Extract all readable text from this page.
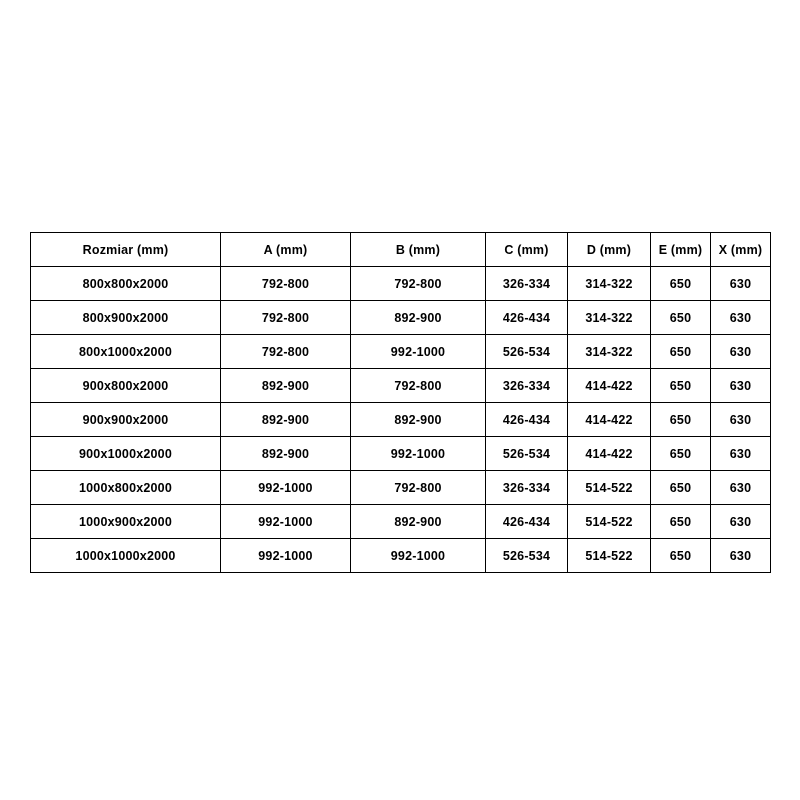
Rozmiar (mm)	A (mm)	B (mm)	C (mm)	D (mm)	E (mm)	X (mm)
800x800x2000	792-800	792-800	326-334	314-322	650	630
800x900x2000	792-800	892-900	426-434	314-322	650	630
800x1000x2000	792-800	992-1000	526-534	314-322	650	630
900x800x2000	892-900	792-800	326-334	414-422	650	630
900x900x2000	892-900	892-900	426-434	414-422	650	630
900x1000x2000	892-900	992-1000	526-534	414-422	650	630
1000x800x2000	992-1000	792-800	326-334	514-522	650	630
1000x900x2000	992-1000	892-900	426-434	514-522	650	630
1000x1000x2000	992-1000	992-1000	526-534	514-522	650	630
